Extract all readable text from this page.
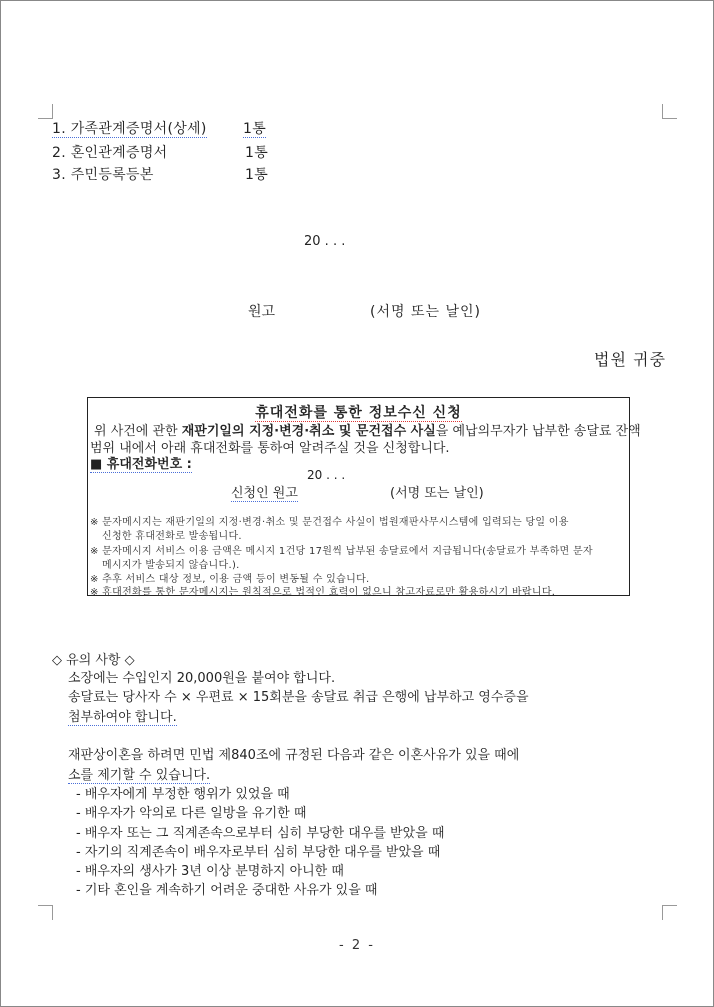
1. 가족관계증명서(상세)	1통
2. 혼인관계증명서	1통
3. 주민등록등본	1통
20 . . .
원고	(서명 또는 날인)
법원 귀중
휴대전화를 통한 정보수신 신청
위 사건에 관한 재판기일의 지정·변경·취소 및 문건접수 사실을 예납의무자가 납부한 송달료 잔액
범위 내에서 아래 휴대전화를 통하여 알려주실 것을 신청합니다.
■ 휴대전화번호 :
20 . . .
신청인 원고	(서명 또는 날인)
※ 문자메시지는 재판기일의 지정·변경·취소 및 문건접수 사실이 법원재판사무시스템에 입력되는 당일 이용
신청한 휴대전화로 발송됩니다.
※ 문자메시지 서비스 이용 금액은 메시지 1건당 17원씩 납부된 송달료에서 지급됩니다(송달료가 부족하면 문자
메시지가 발송되지 않습니다.).
※ 추후 서비스 대상 정보, 이용 금액 등이 변동될 수 있습니다.
※ 휴대전화를 통한 문자메시지는 원칙적으로 법적인 효력이 없으니 참고자료로만 활용하시기 바랍니다.
◇ 유의 사항 ◇
소장에는 수입인지 20,000원을 붙여야 합니다.
송달료는 당사자 수 × 우편료 × 15회분을 송달료 취급 은행에 납부하고 영수증을
첨부하여야 합니다.
재판상이혼을 하려면 민법 제840조에 규정된 다음과 같은 이혼사유가 있을 때에
소를 제기할 수 있습니다.
- 배우자에게 부정한 행위가 있었을 때
- 배우자가 악의로 다른 일방을 유기한 때
- 배우자 또는 그 직계존속으로부터 심히 부당한 대우를 받았을 때
- 자기의 직계존속이 배우자로부터 심히 부당한 대우를 받았을 때
- 배우자의 생사가 3년 이상 분명하지 아니한 때
- 기타 혼인을 계속하기 어려운 중대한 사유가 있을 때
- 2 -
